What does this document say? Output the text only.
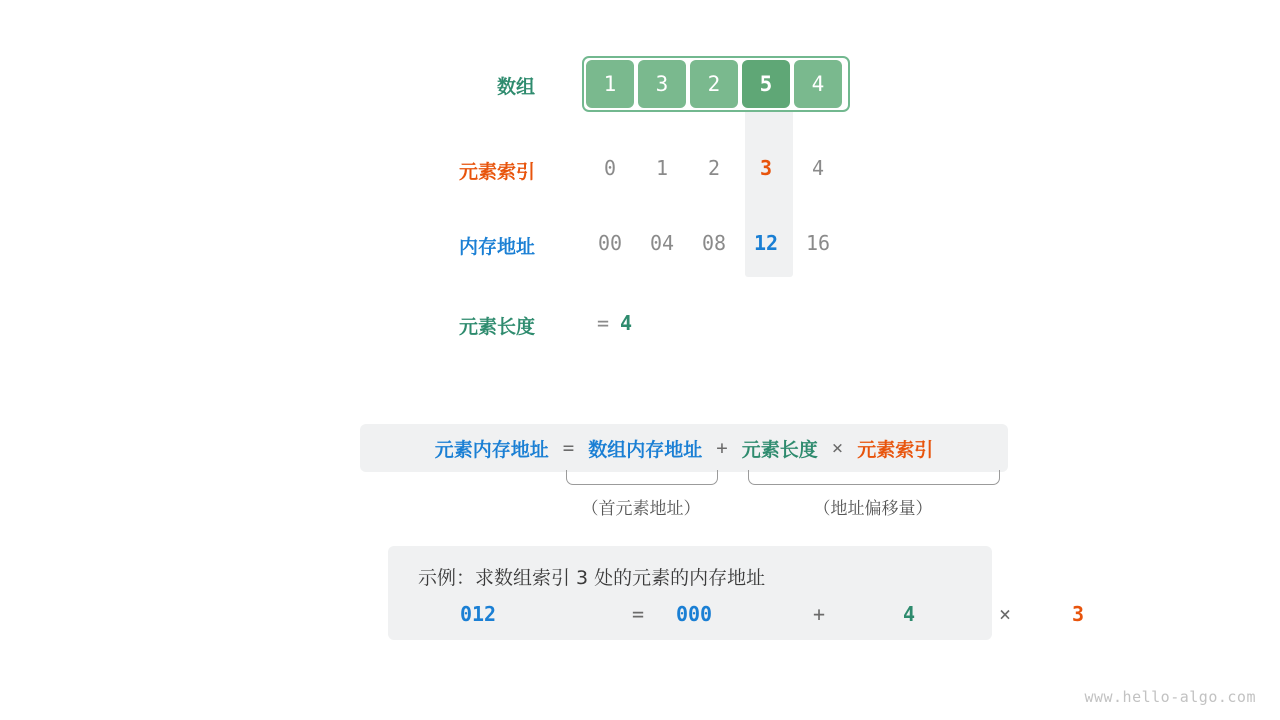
数组	1	3	2	5	4
元素索引	0	1	2	3	4
内存地址	00	04	08	12	16
元素长度	= 4
元素内存地址 = 数组内存地址 + 元素长度 × 元素索引
（首元素地址）	（地址偏移量）
示例：求数组索引 3 处的元素的内存地址
012	=	000	+	4	×	3
www.hello-algo.com
